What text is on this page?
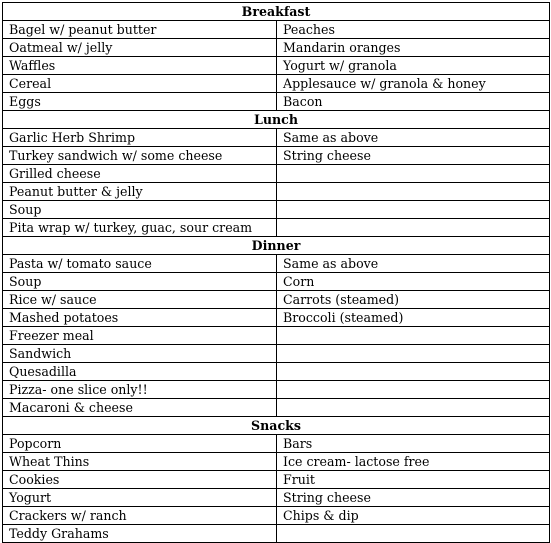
Breakfast	
Bagel w/ peanut butter	Peaches
Oatmeal w/ jelly	Mandarin oranges
Waffles	Yogurt w/ granola
Cereal	Applesauce w/ granola & honey
Eggs	Bacon
Lunch	
Garlic Herb Shrimp	Same as above
Turkey sandwich w/ some cheese	String cheese
Grilled cheese	
Peanut butter & jelly	
Soup	
Pita wrap w/ turkey, guac, sour cream	
Dinner	
Pasta w/ tomato sauce	Same as above
Soup	Corn
Rice w/ sauce	Carrots (steamed)
Mashed potatoes	Broccoli (steamed)
Freezer meal	
Sandwich	
Quesadilla	
Pizza- one slice only!!	
Macaroni & cheese	
Snacks	
Popcorn	Bars
Wheat Thins	Ice cream- lactose free
Cookies	Fruit
Yogurt	String cheese
Crackers w/ ranch	Chips & dip
Teddy Grahams	
